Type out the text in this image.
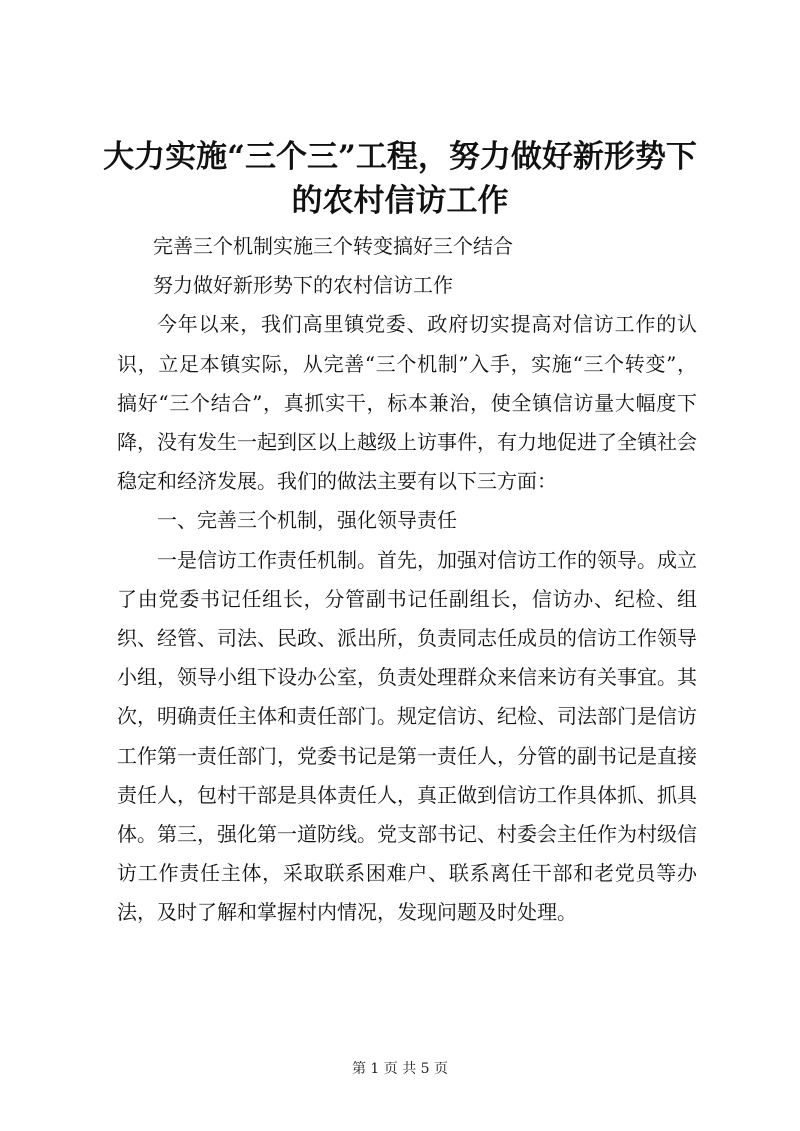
大力实施“三个三”工程，努力做好新形势下
的农村信访工作

完善三个机制实施三个转变搞好三个结合

努力做好新形势下的农村信访工作

今年以来，我们高里镇党委、政府切实提高对信访工作的认识，立足本镇实际，从完善“三个机制”入手，实施“三个转变”，搞好“三个结合”，真抓实干，标本兼治，使全镇信访量大幅度下降，没有发生一起到区以上越级上访事件，有力地促进了全镇社会稳定和经济发展。我们的做法主要有以下三方面：

一、完善三个机制，强化领导责任

一是信访工作责任机制。首先，加强对信访工作的领导。成立了由党委书记任组长，分管副书记任副组长，信访办、纪检、组织、经管、司法、民政、派出所，负责同志任成员的信访工作领导小组，领导小组下设办公室，负责处理群众来信来访有关事宜。其次，明确责任主体和责任部门。规定信访、纪检、司法部门是信访工作第一责任部门，党委书记是第一责任人，分管的副书记是直接责任人，包村干部是具体责任人，真正做到信访工作具体抓、抓具体。第三，强化第一道防线。党支部书记、村委会主任作为村级信访工作责任主体，采取联系困难户、联系离任干部和老党员等办法，及时了解和掌握村内情况，发现问题及时处理。

第 1 页 共 5 页
